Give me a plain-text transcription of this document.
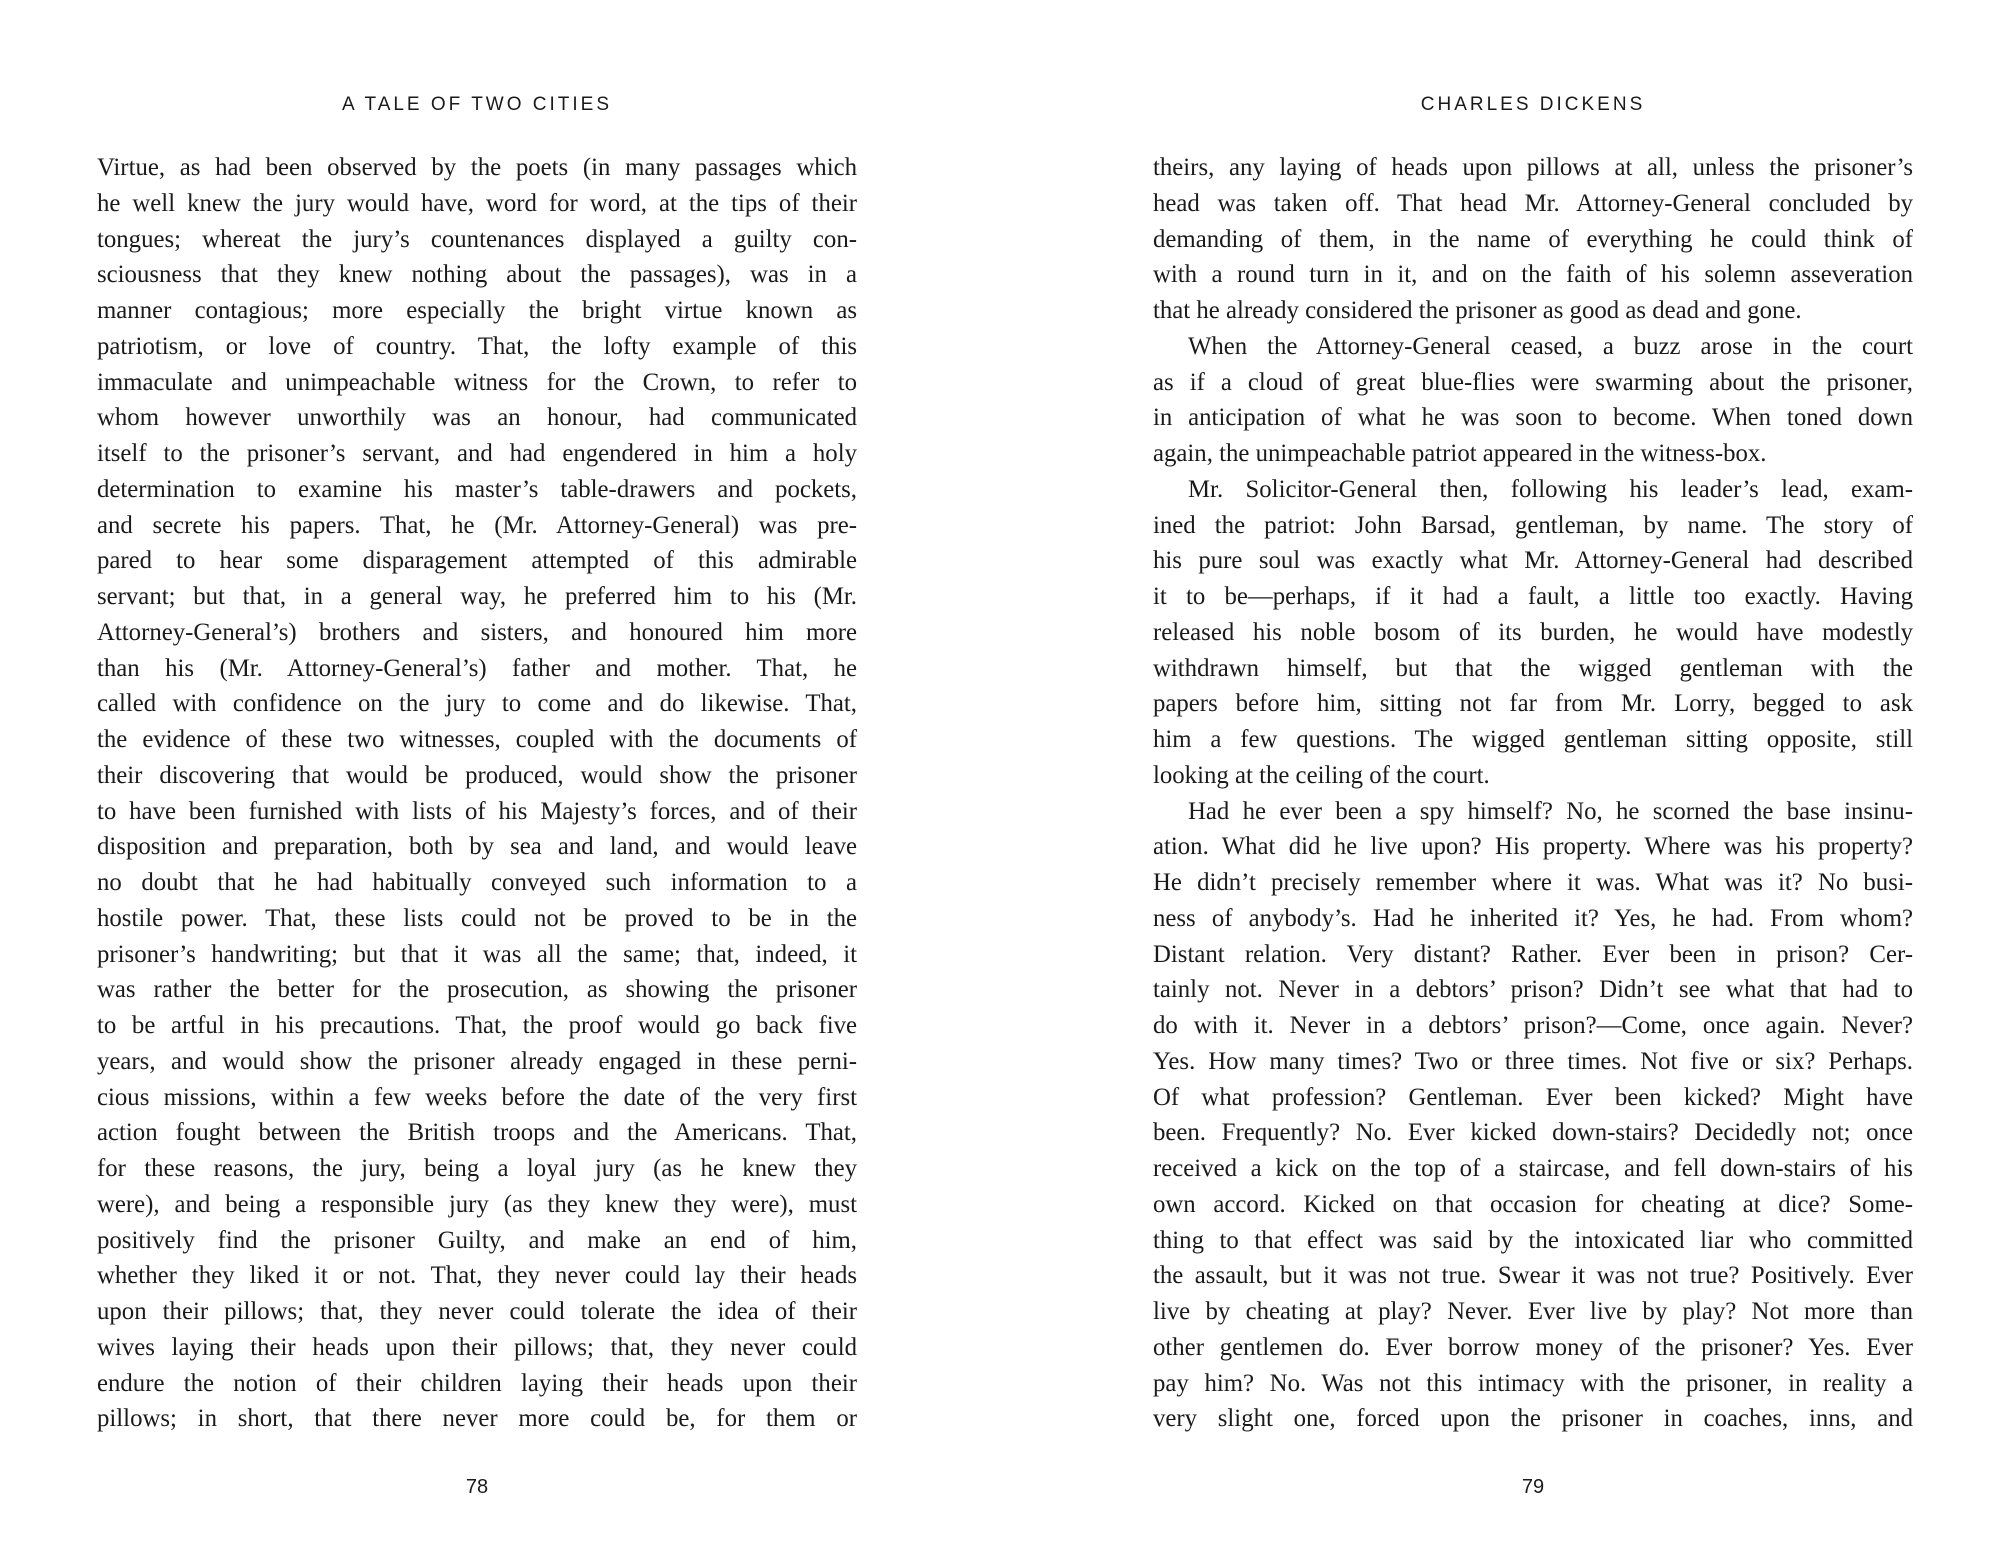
A TALE OF TWO CITIES
Virtue, as had been observed by the poets (in many passages which
he well knew the jury would have, word for word, at the tips of their
tongues; whereat the jury’s countenances displayed a guilty con-
sciousness that they knew nothing about the passages), was in a
manner contagious; more especially the bright virtue known as
patriotism, or love of country. That, the lofty example of this
immaculate and unimpeachable witness for the Crown, to refer to
whom however unworthily was an honour, had communicated
itself to the prisoner’s servant, and had engendered in him a holy
determination to examine his master’s table-drawers and pockets,
and secrete his papers. That, he (Mr. Attorney-General) was pre-
pared to hear some disparagement attempted of this admirable
servant; but that, in a general way, he preferred him to his (Mr.
Attorney-General’s) brothers and sisters, and honoured him more
than his (Mr. Attorney-General’s) father and mother. That, he
called with confidence on the jury to come and do likewise. That,
the evidence of these two witnesses, coupled with the documents of
their discovering that would be produced, would show the prisoner
to have been furnished with lists of his Majesty’s forces, and of their
disposition and preparation, both by sea and land, and would leave
no doubt that he had habitually conveyed such information to a
hostile power. That, these lists could not be proved to be in the
prisoner’s handwriting; but that it was all the same; that, indeed, it
was rather the better for the prosecution, as showing the prisoner
to be artful in his precautions. That, the proof would go back five
years, and would show the prisoner already engaged in these perni-
cious missions, within a few weeks before the date of the very first
action fought between the British troops and the Americans. That,
for these reasons, the jury, being a loyal jury (as he knew they
were), and being a responsible jury (as they knew they were), must
positively find the prisoner Guilty, and make an end of him,
whether they liked it or not. That, they never could lay their heads
upon their pillows; that, they never could tolerate the idea of their
wives laying their heads upon their pillows; that, they never could
endure the notion of their children laying their heads upon their
pillows; in short, that there never more could be, for them or
78
CHARLES DICKENS
theirs, any laying of heads upon pillows at all, unless the prisoner’s
head was taken off. That head Mr. Attorney-General concluded by
demanding of them, in the name of everything he could think of
with a round turn in it, and on the faith of his solemn asseveration
that he already considered the prisoner as good as dead and gone.
When the Attorney-General ceased, a buzz arose in the court
as if a cloud of great blue-flies were swarming about the prisoner,
in anticipation of what he was soon to become. When toned down
again, the unimpeachable patriot appeared in the witness-box.
Mr. Solicitor-General then, following his leader’s lead, exam-
ined the patriot: John Barsad, gentleman, by name. The story of
his pure soul was exactly what Mr. Attorney-General had described
it to be—perhaps, if it had a fault, a little too exactly. Having
released his noble bosom of its burden, he would have modestly
withdrawn himself, but that the wigged gentleman with the
papers before him, sitting not far from Mr. Lorry, begged to ask
him a few questions. The wigged gentleman sitting opposite, still
looking at the ceiling of the court.
Had he ever been a spy himself? No, he scorned the base insinu-
ation. What did he live upon? His property. Where was his property?
He didn’t precisely remember where it was. What was it? No busi-
ness of anybody’s. Had he inherited it? Yes, he had. From whom?
Distant relation. Very distant? Rather. Ever been in prison? Cer-
tainly not. Never in a debtors’ prison? Didn’t see what that had to
do with it. Never in a debtors’ prison?—Come, once again. Never?
Yes. How many times? Two or three times. Not five or six? Perhaps.
Of what profession? Gentleman. Ever been kicked? Might have
been. Frequently? No. Ever kicked down-stairs? Decidedly not; once
received a kick on the top of a staircase, and fell down-stairs of his
own accord. Kicked on that occasion for cheating at dice? Some-
thing to that effect was said by the intoxicated liar who committed
the assault, but it was not true. Swear it was not true? Positively. Ever
live by cheating at play? Never. Ever live by play? Not more than
other gentlemen do. Ever borrow money of the prisoner? Yes. Ever
pay him? No. Was not this intimacy with the prisoner, in reality a
very slight one, forced upon the prisoner in coaches, inns, and
79
